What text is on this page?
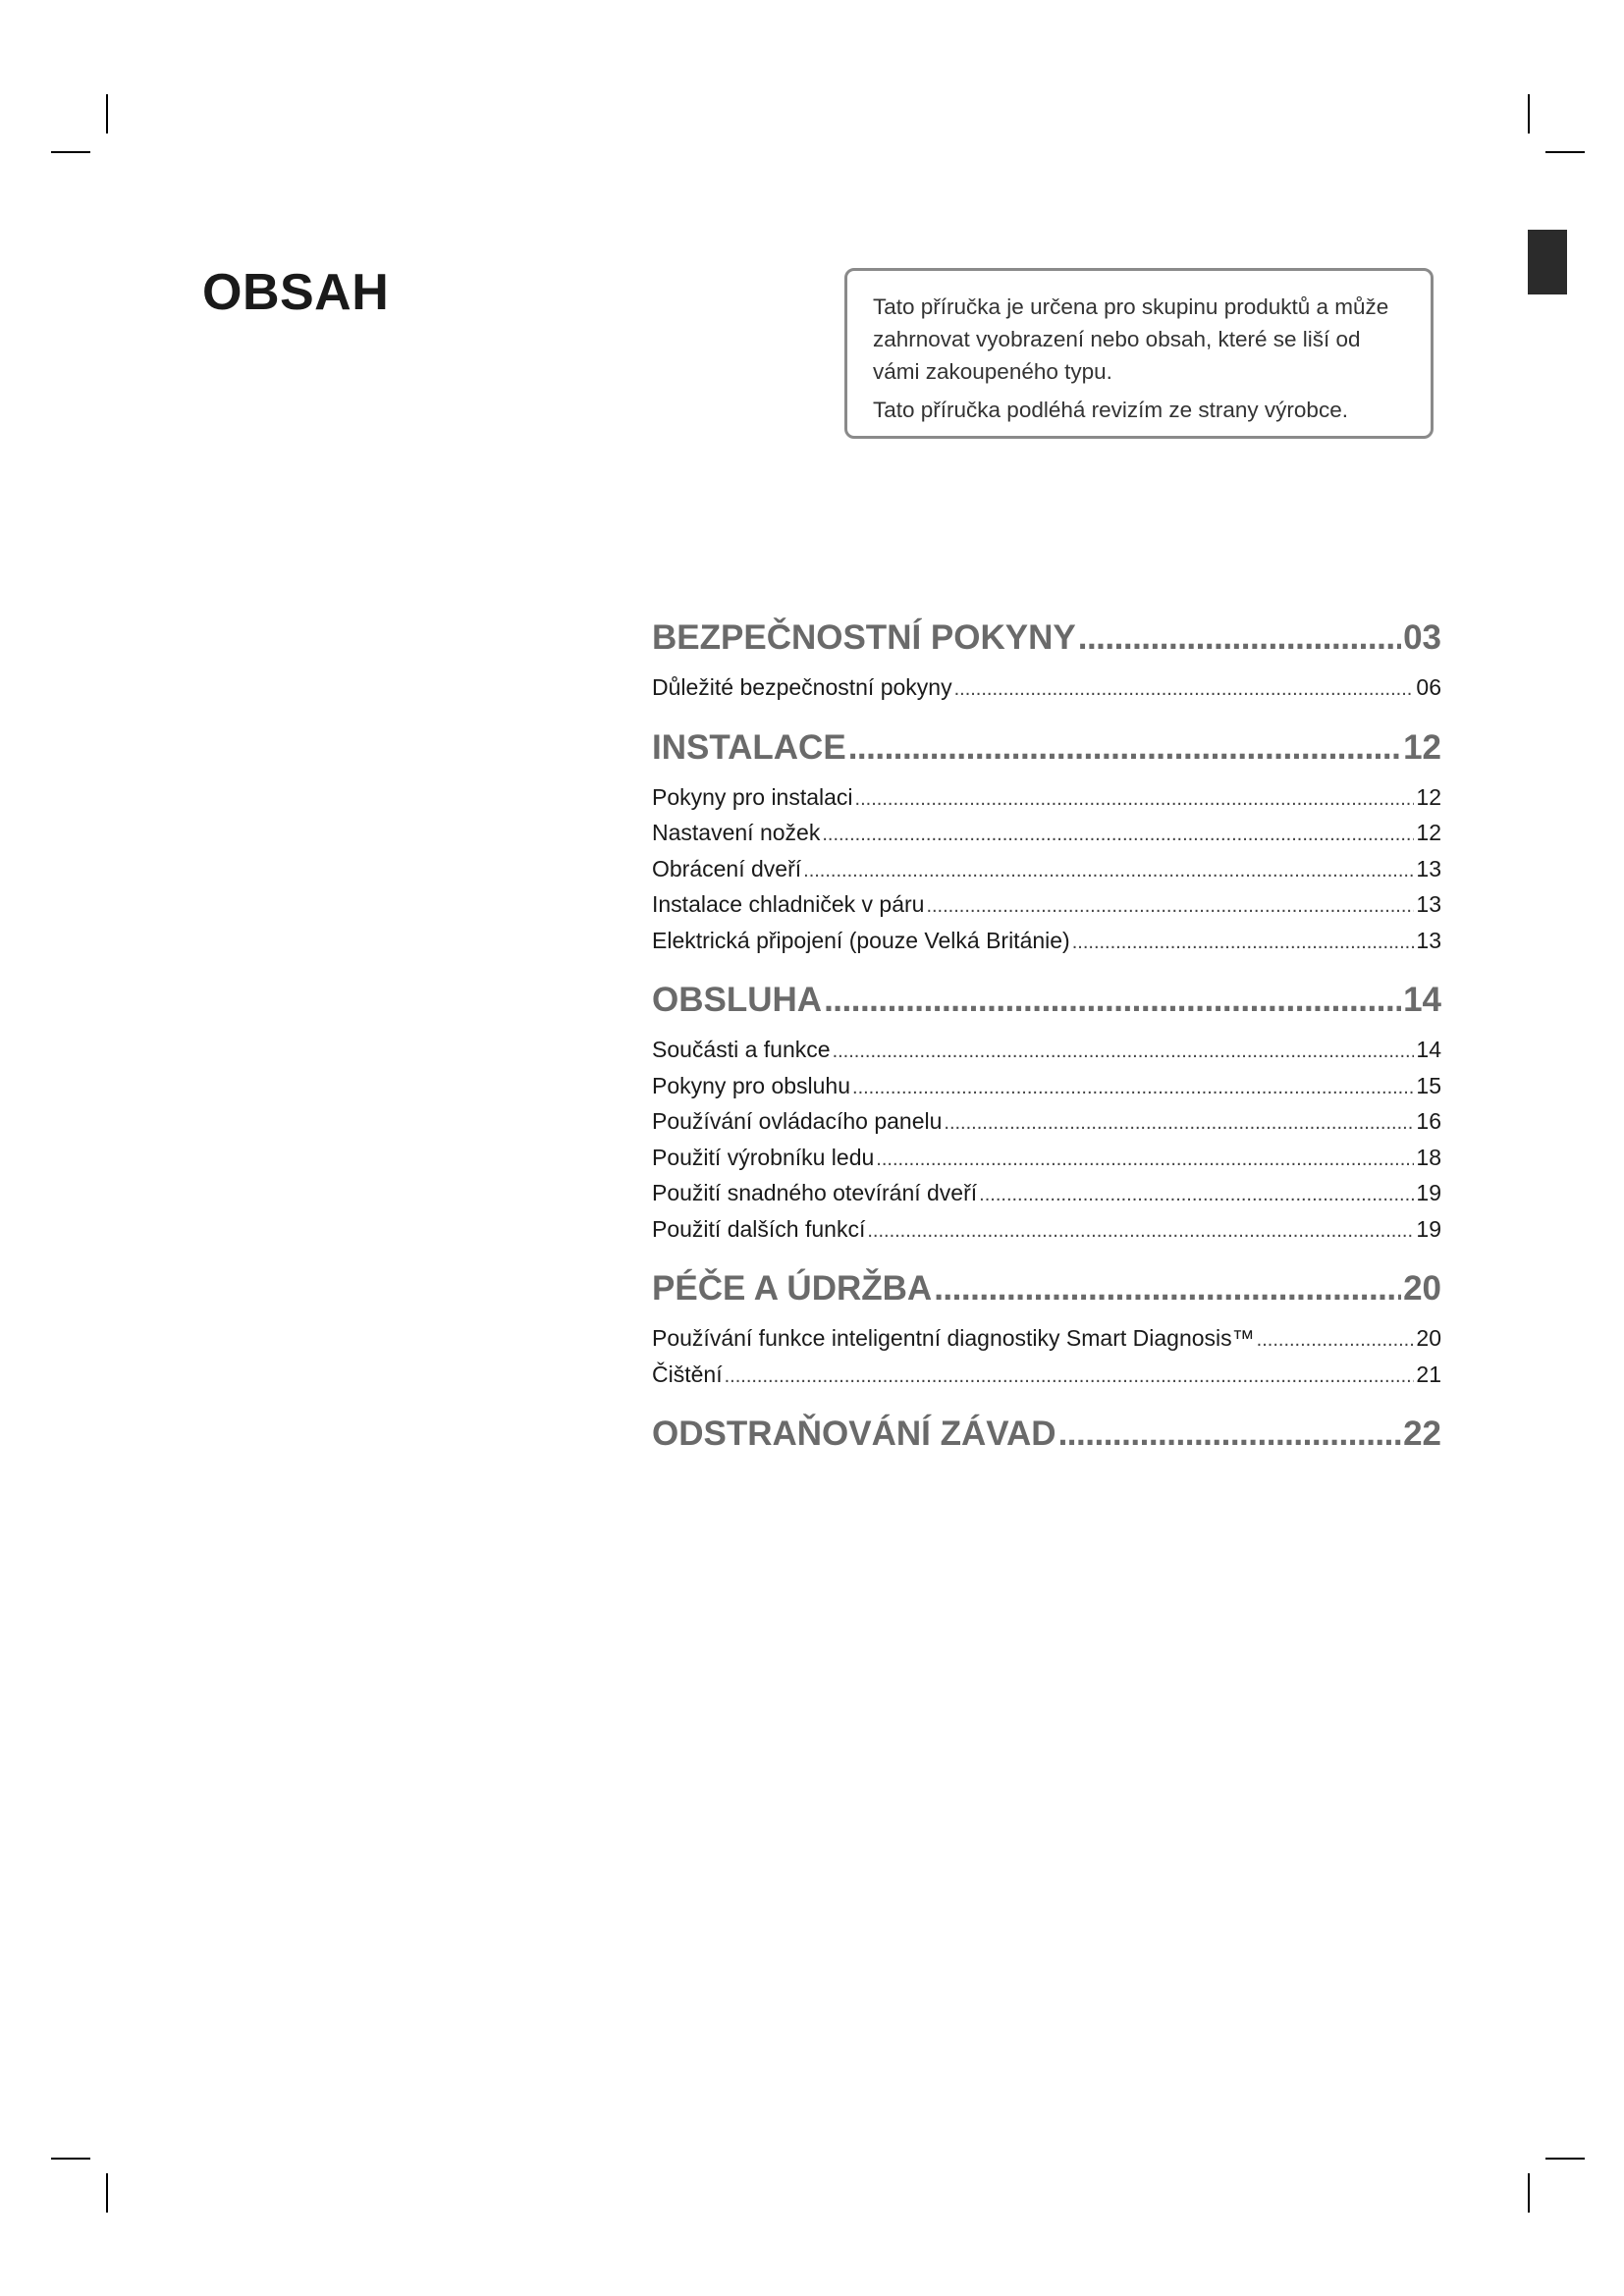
OBSAH	Tato příručka je určena pro skupinu produktů a může zahrnovat vyobrazení nebo obsah, které se liší od vámi zakoupeného typu.

Tato příručka podléhá revizím ze strany výrobce.

BEZPEČNOSTNÍ POKYNY .....	03
Důležité bezpečnostní pokyny .....	06
INSTALACE .....	12
Pokyny pro instalaci .....	12
Nastavení nožek .....	12
Obrácení dveří .....	13
Instalace chladniček v páru .....	13
Elektrická připojení (pouze Velká Británie) .....	13
OBSLUHA .....	14
Součásti a funkce .....	14
Pokyny pro obsluhu .....	15
Používání ovládacího panelu .....	16
Použití výrobníku ledu .....	18
Použití snadného otevírání dveří .....	19
Použití dalších funkcí .....	19
PÉČE A ÚDRŽBA .....	20
Používání funkce inteligentní diagnostiky Smart Diagnosis™ .....	20
Čištění .....	21
ODSTRAŇOVÁNÍ ZÁVAD .....	22
